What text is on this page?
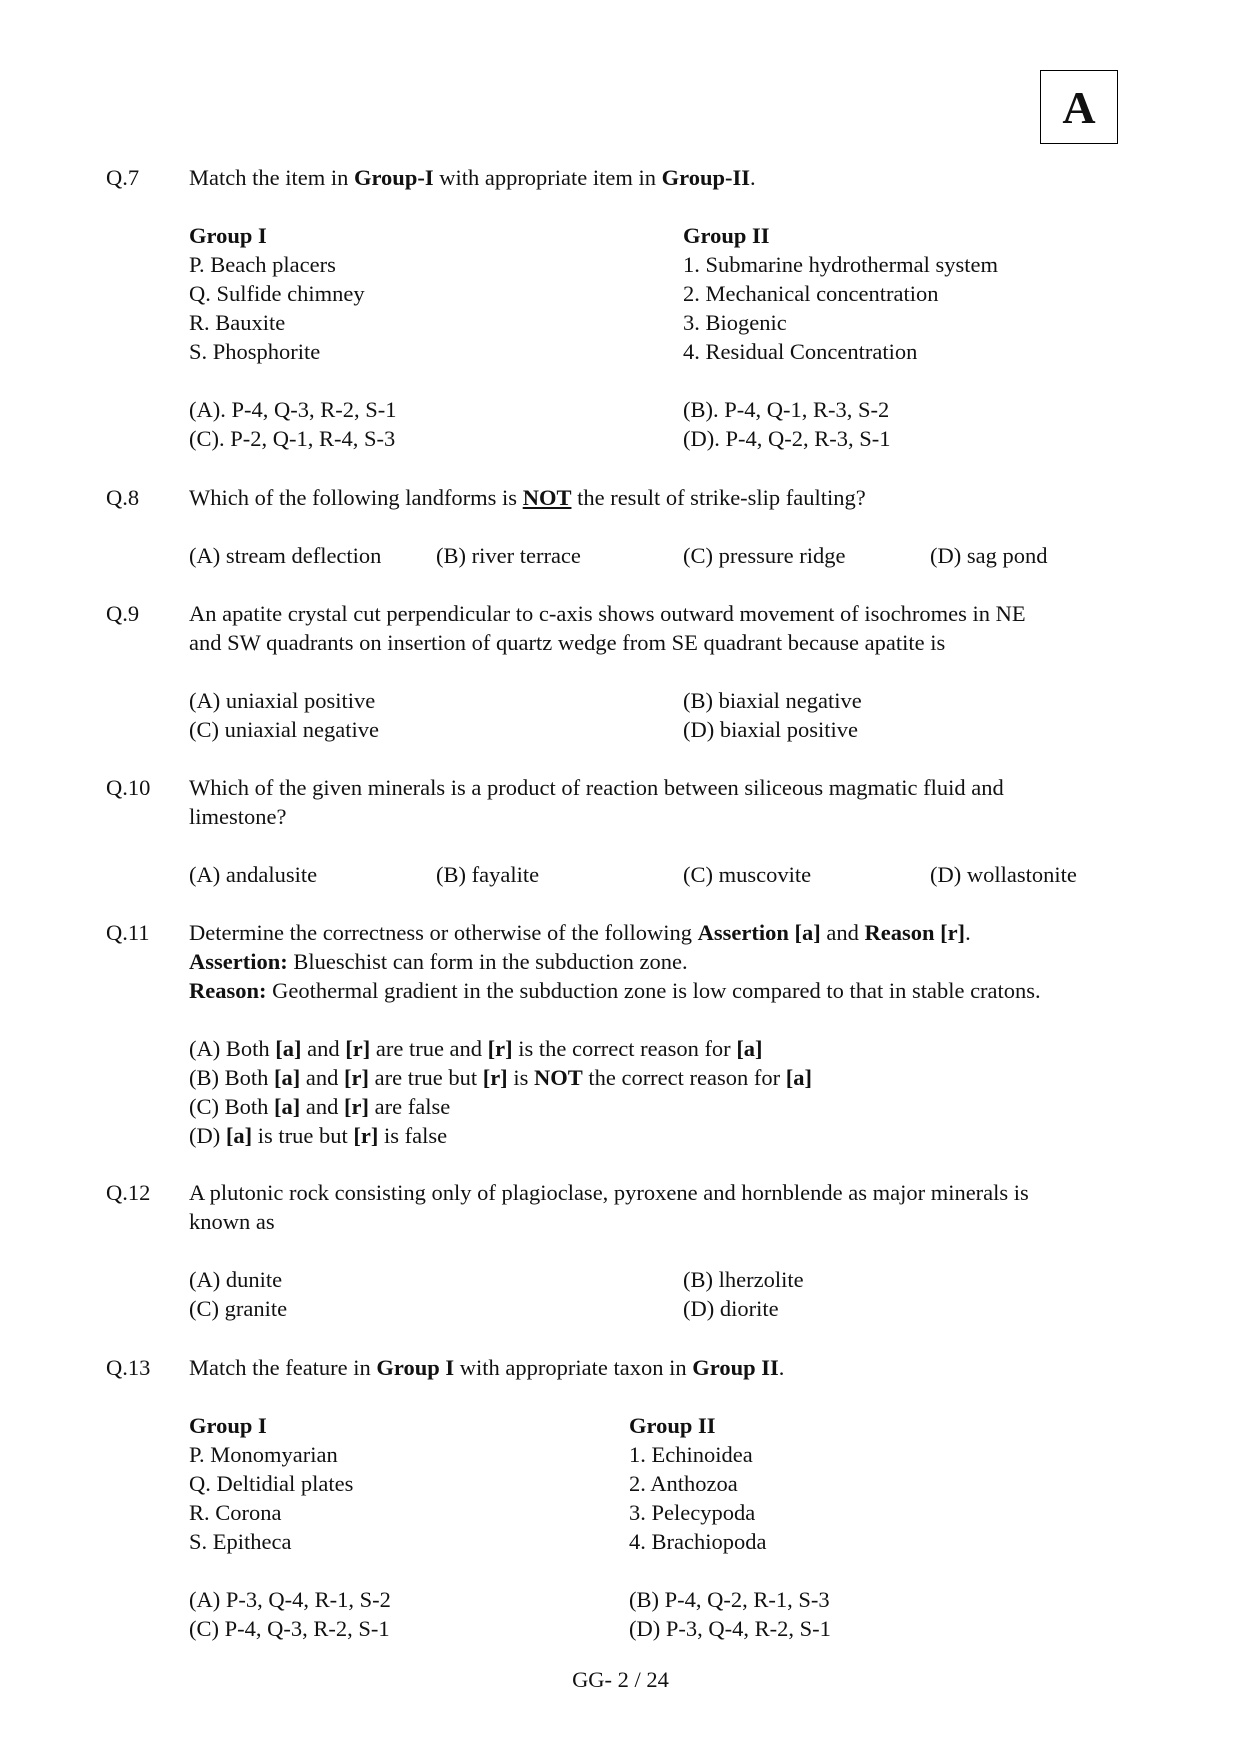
A
Q.7 Match the item in Group-I with appropriate item in Group-II.
Group I	Group II
P. Beach placers	1. Submarine hydrothermal system
Q. Sulfide chimney	2. Mechanical concentration
R. Bauxite	3. Biogenic
S. Phosphorite	4. Residual Concentration
(A). P-4, Q-3, R-2, S-1	(B). P-4, Q-1, R-3, S-2
(C). P-2, Q-1, R-4, S-3	(D). P-4, Q-2, R-3, S-1
Q.8 Which of the following landforms is NOT the result of strike-slip faulting?
(A) stream deflection (B) river terrace	(C) pressure ridge	(D) sag pond
Q.9 An apatite crystal cut perpendicular to c-axis shows outward movement of isochromes in NE
and SW quadrants on insertion of quartz wedge from SE quadrant because apatite is
(A) uniaxial positive	(B) biaxial negative
(C) uniaxial negative	(D) biaxial positive
Q.10 Which of the given minerals is a product of reaction between siliceous magmatic fluid and
limestone?
(A) andalusite	(B) fayalite	(C) muscovite	(D) wollastonite
Q.11 Determine the correctness or otherwise of the following Assertion [a] and Reason [r].
Assertion: Blueschist can form in the subduction zone.
Reason: Geothermal gradient in the subduction zone is low compared to that in stable cratons.
(A) Both [a] and [r] are true and [r] is the correct reason for [a]
(B) Both [a] and [r] are true but [r] is NOT the correct reason for [a]
(C) Both [a] and [r] are false
(D) [a] is true but [r] is false
Q.12 A plutonic rock consisting only of plagioclase, pyroxene and hornblende as major minerals is
known as
(A) dunite	(B) lherzolite
(C) granite	(D) diorite
Q.13 Match the feature in Group I with appropriate taxon in Group II.
Group I	Group II
P. Monomyarian	1. Echinoidea
Q. Deltidial plates	2. Anthozoa
R. Corona	3. Pelecypoda
S. Epitheca	4. Brachiopoda
(A) P-3, Q-4, R-1, S-2	(B) P-4, Q-2, R-1, S-3
(C) P-4, Q-3, R-2, S-1	(D) P-3, Q-4, R-2, S-1
GG- 2 / 24
